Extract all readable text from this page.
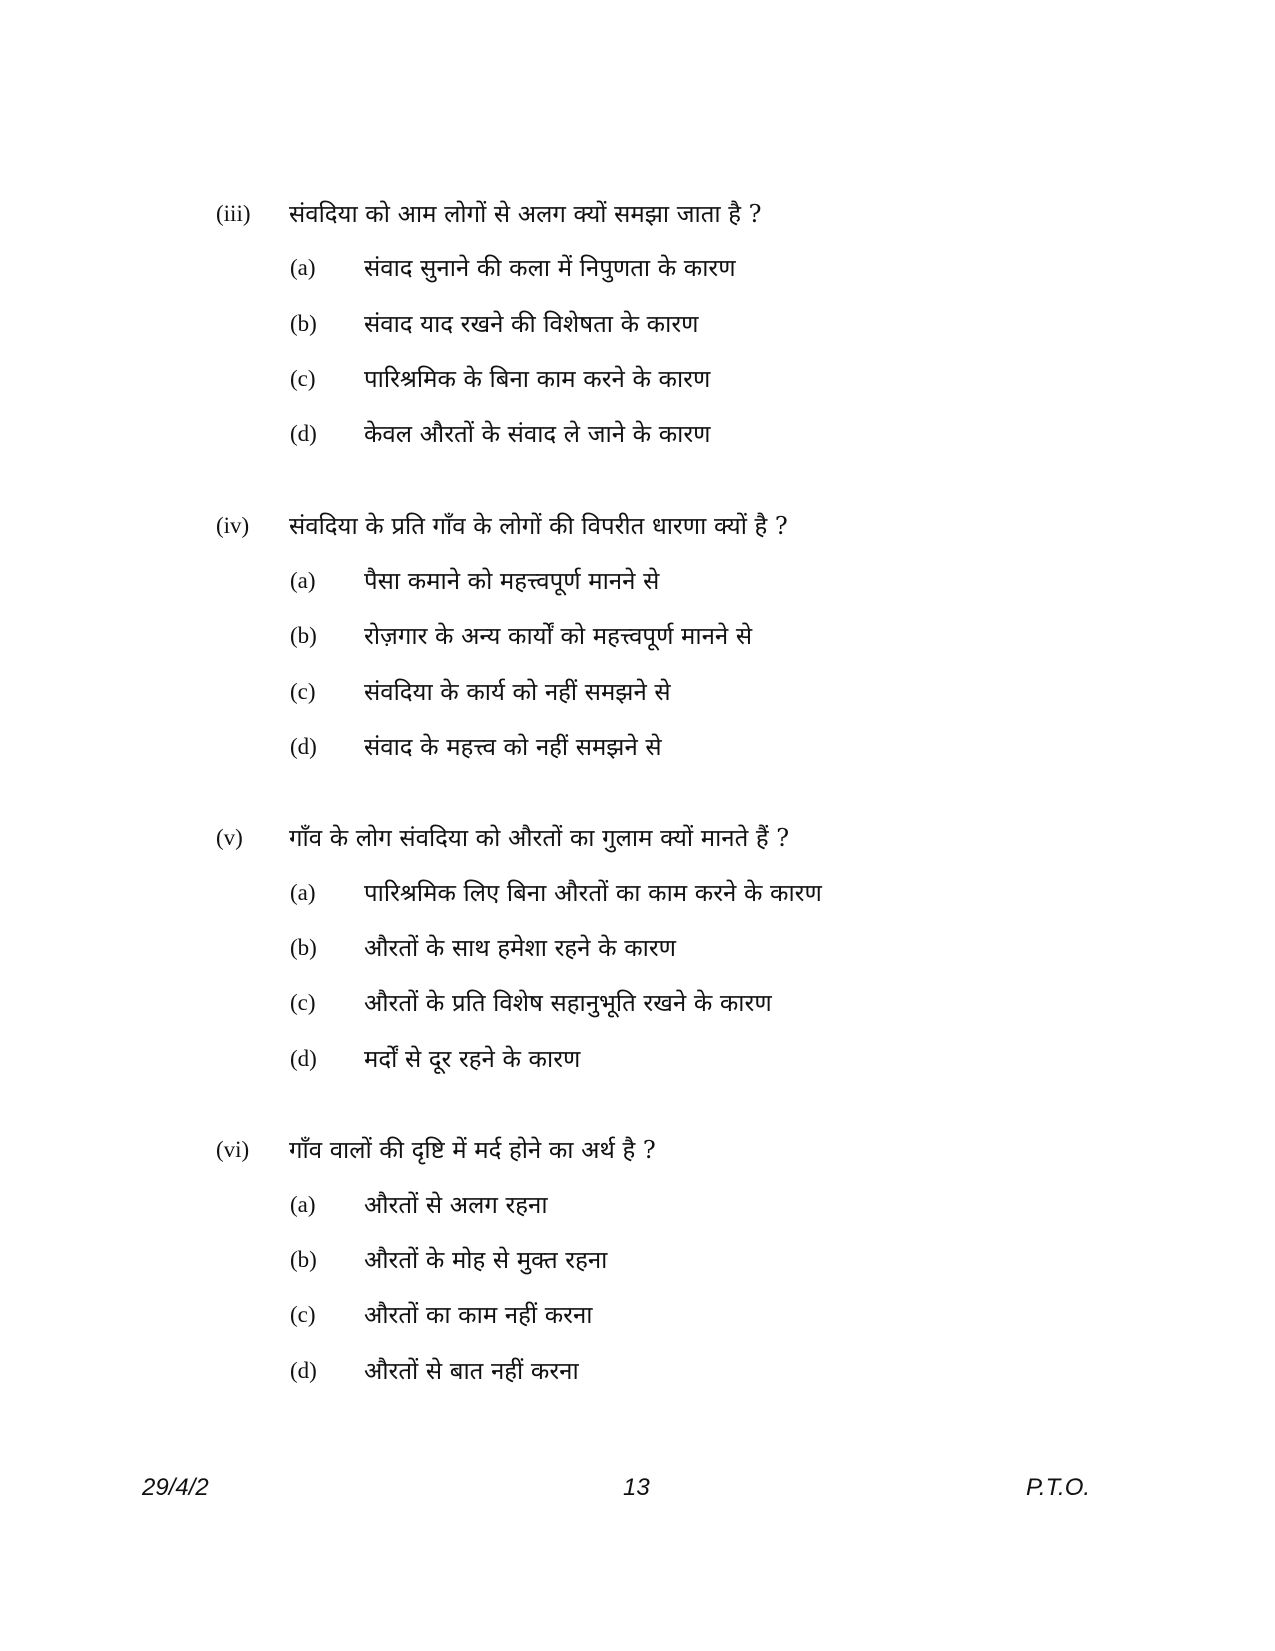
(iii) संवदिया को आम लोगों से अलग क्यों समझा जाता है ?
(a) संवाद सुनाने की कला में निपुणता के कारण
(b) संवाद याद रखने की विशेषता के कारण
(c) पारिश्रमिक के बिना काम करने के कारण
(d) केवल औरतों के संवाद ले जाने के कारण
(iv) संवदिया के प्रति गाँव के लोगों की विपरीत धारणा क्यों है ?
(a) पैसा कमाने को महत्त्वपूर्ण मानने से
(b) रोज़गार के अन्य कार्यों को महत्त्वपूर्ण मानने से
(c) संवदिया के कार्य को नहीं समझने से
(d) संवाद के महत्त्व को नहीं समझने से
(v) गाँव के लोग संवदिया को औरतों का गुलाम क्यों मानते हैं ?
(a) पारिश्रमिक लिए बिना औरतों का काम करने के कारण
(b) औरतों के साथ हमेशा रहने के कारण
(c) औरतों के प्रति विशेष सहानुभूति रखने के कारण
(d) मर्दों से दूर रहने के कारण
(vi) गाँव वालों की दृष्टि में मर्द होने का अर्थ है ?
(a) औरतों से अलग रहना
(b) औरतों के मोह से मुक्त रहना
(c) औरतों का काम नहीं करना
(d) औरतों से बात नहीं करना
29/4/2	13	P.T.O.
